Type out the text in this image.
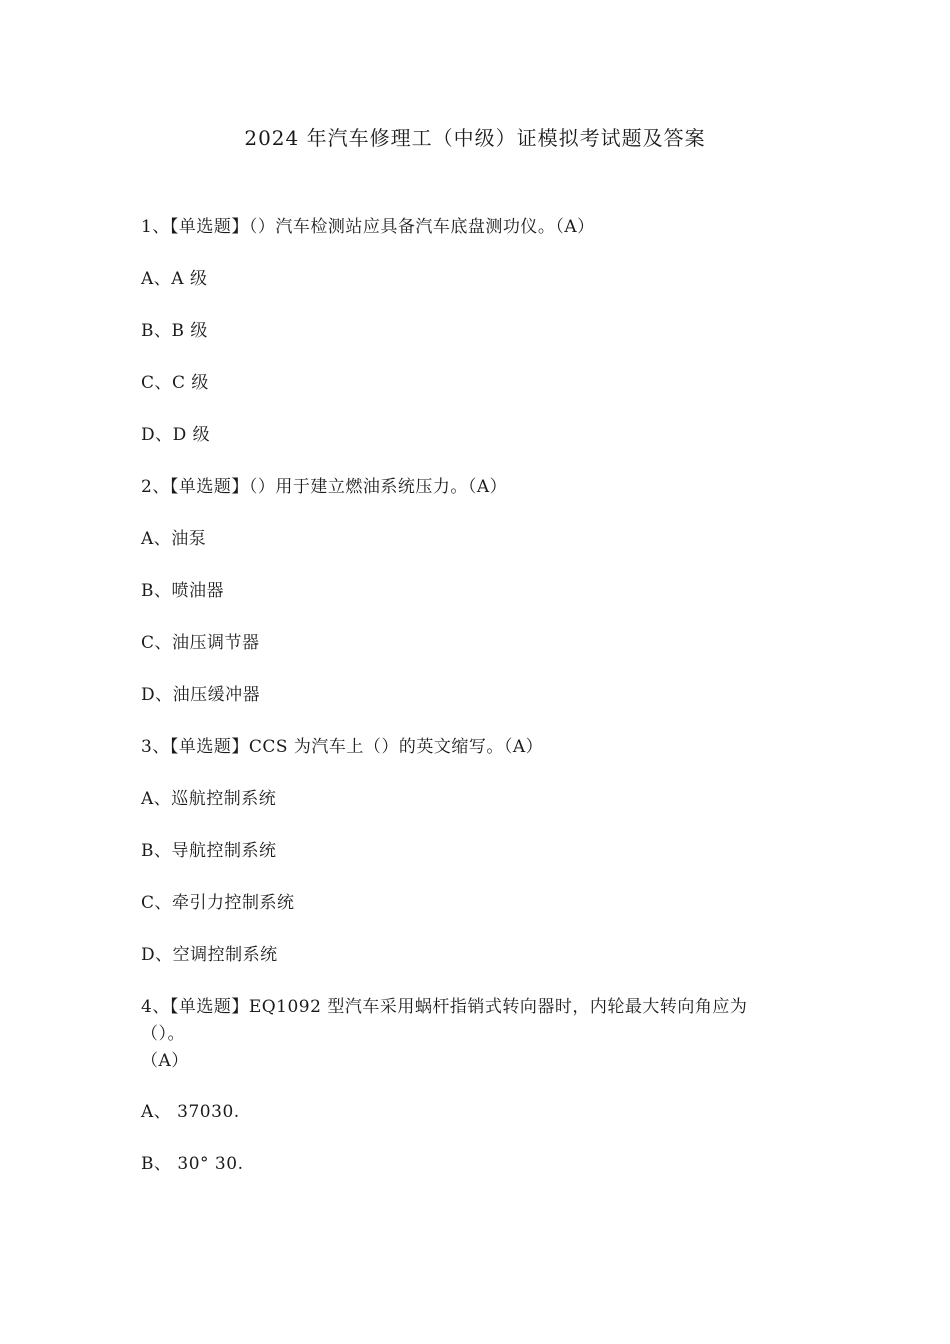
2024 年汽车修理工（中级）证模拟考试题及答案
1、【单选题】（）汽车检测站应具备汽车底盘测功仪。（A）
A、A 级
B、B 级
C、C 级
D、D 级
2、【单选题】（）用于建立燃油系统压力。（A）
A、油泵
B、喷油器
C、油压调节器
D、油压缓冲器
3、【单选题】CCS 为汽车上（）的英文缩写。（A）
A、巡航控制系统
B、导航控制系统
C、牵引力控制系统
D、空调控制系统
4、【单选题】EQ1092 型汽车采用蜗杆指销式转向器时，内轮最大转向角应为
（）。
（A）
A、 37030.
B、 30° 30.
